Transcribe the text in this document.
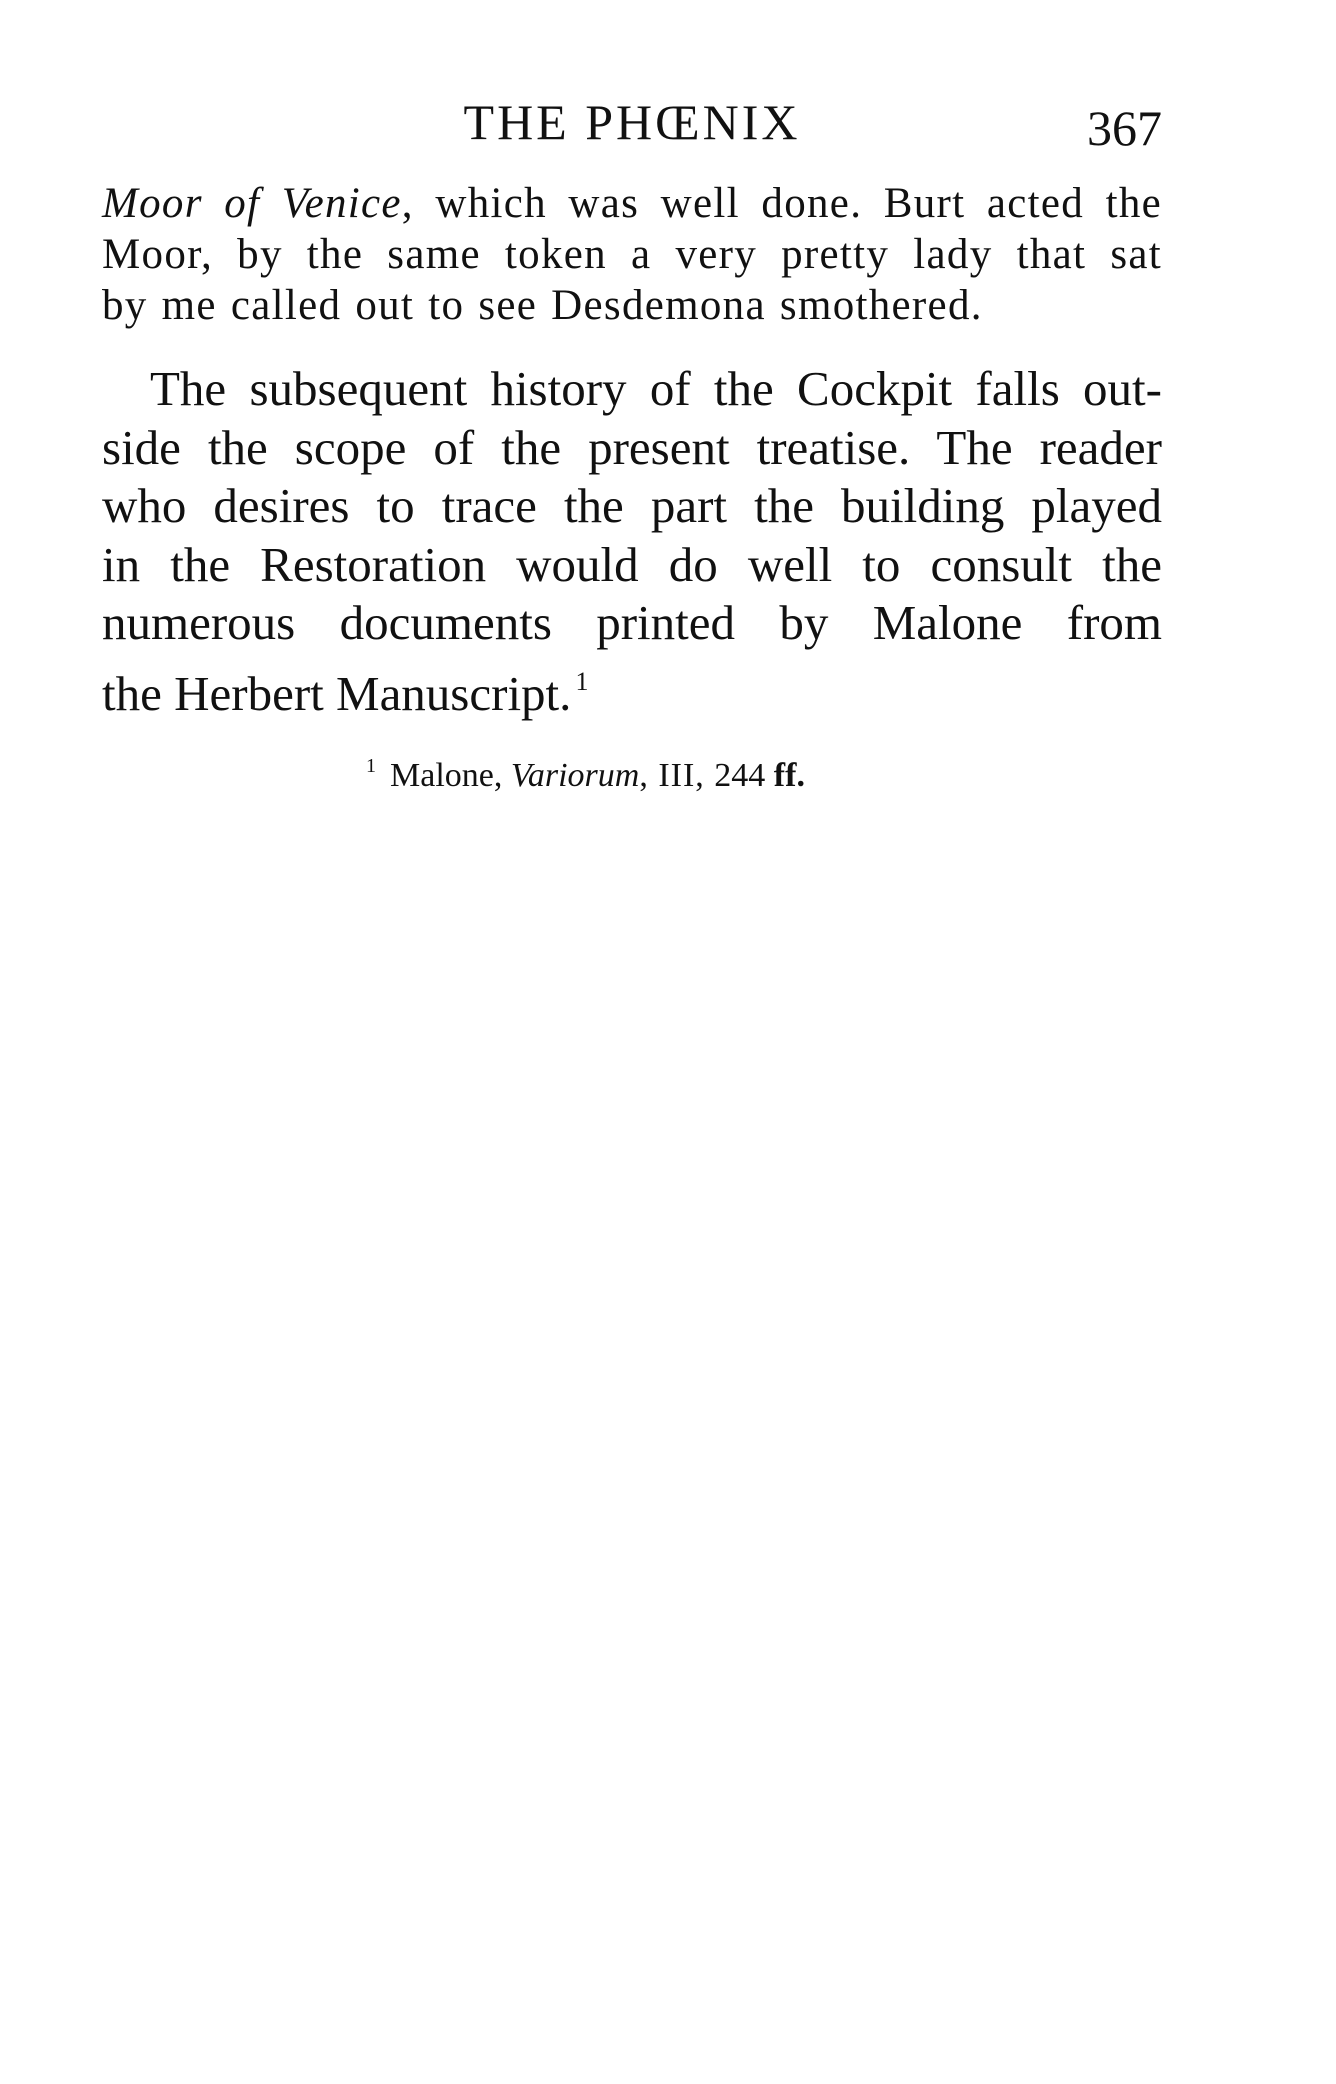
THE PHŒNIX	367
Moor of Venice, which was well done. Burt acted the
Moor, by the same token a very pretty lady that sat
by me called out to see Desdemona smothered.
The subsequent history of the Cockpit falls out-
side the scope of the present treatise. The reader
who desires to trace the part the building played
in the Restoration would do well to consult the
numerous documents printed by Malone from
the Herbert Manuscript. $^1$
$^1$ Malone, Variorum, III, 244 ff.
